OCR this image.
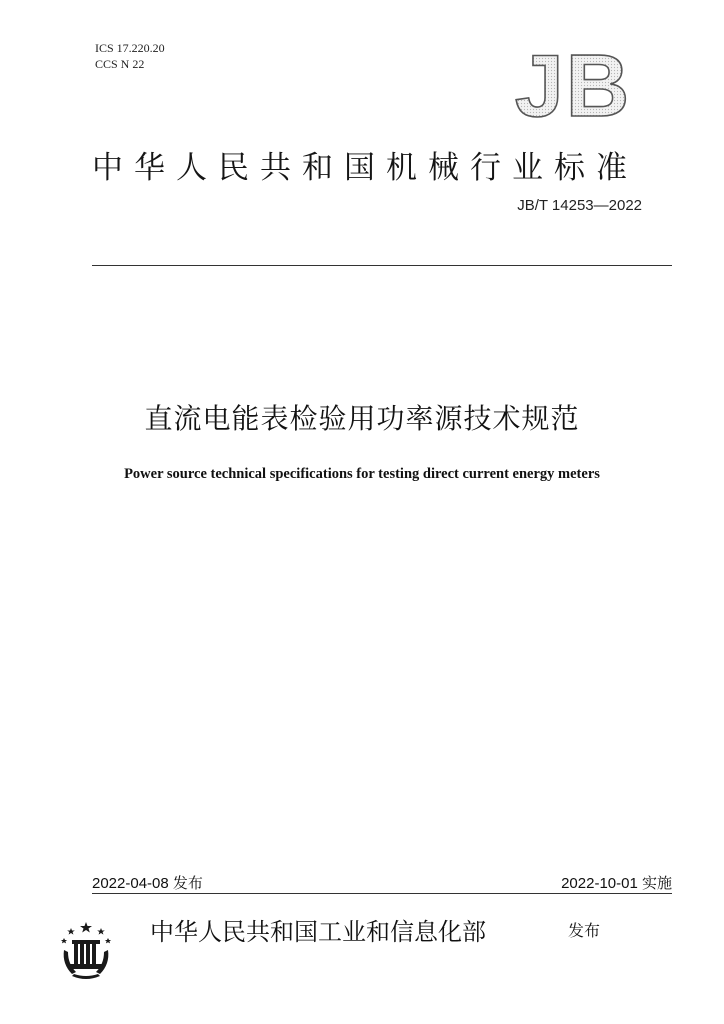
ICS 17.220.20
CCS N 22	JB
中华人民共和国机械行业标准
JB/T 14253—2022
直流电能表检验用功率源技术规范
Power source technical specifications for testing direct current energy meters
2022-04-08 发布	2022-10-01 实施
中华人民共和国工业和信息化部	发布
